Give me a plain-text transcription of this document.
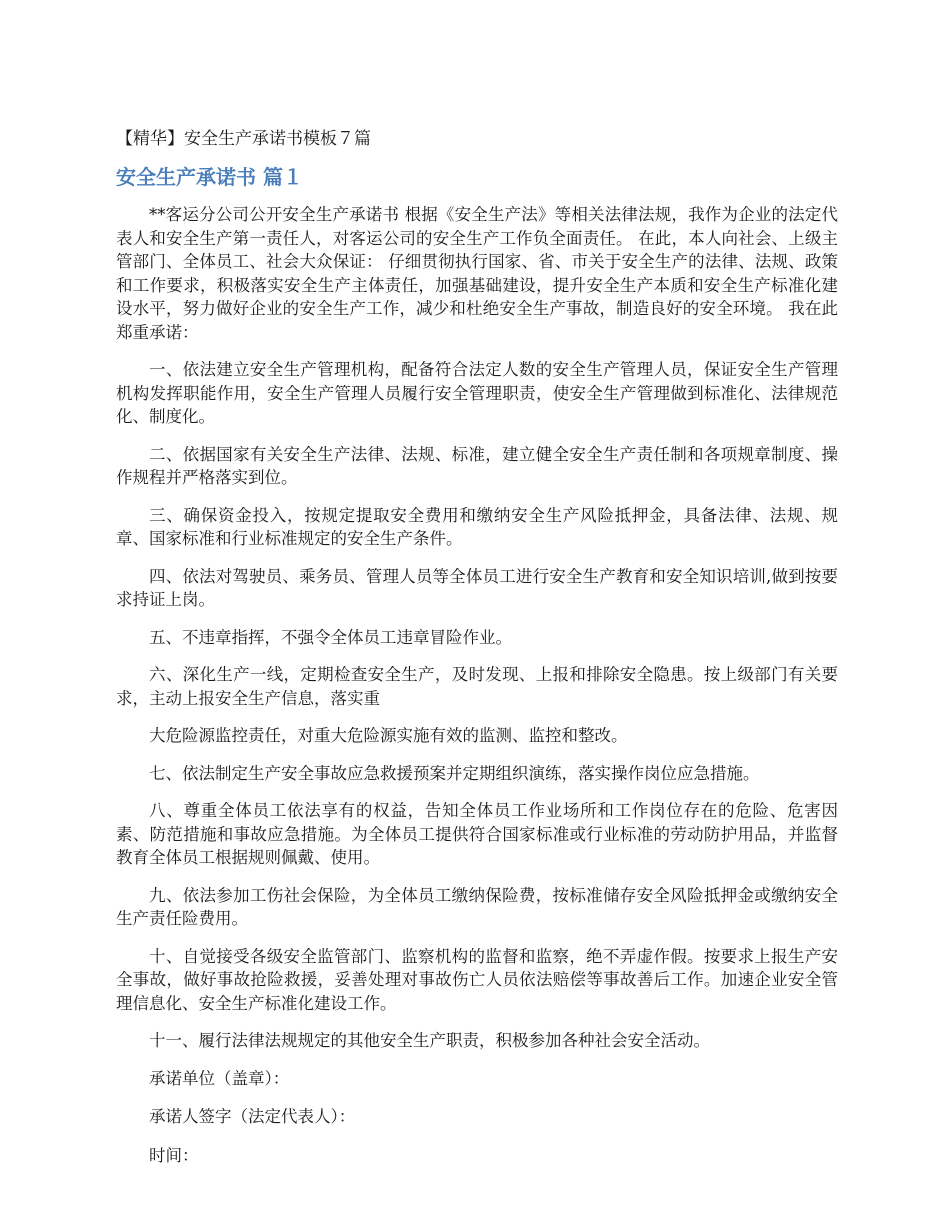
【精华】安全生产承诺书模板７篇
安全生产承诺书 篇１

**客运分公司公开安全生产承诺书 根据《安全生产法》等相关法律法规，我作为企业的法定代表人和安全生产第一责任人，对客运公司的安全生产工作负全面责任。 在此，本人向社会、上级主管部门、全体员工、社会大众保证： 仔细贯彻执行国家、省、市关于安全生产的法律、法规、政策和工作要求，积极落实安全生产主体责任，加强基础建设，提升安全生产本质和安全生产标准化建设水平，努力做好企业的安全生产工作，减少和杜绝安全生产事故，制造良好的安全环境。 我在此郑重承诺：

一、依法建立安全生产管理机构，配备符合法定人数的安全生产管理人员，保证安全生产管理机构发挥职能作用，安全生产管理人员履行安全管理职责，使安全生产管理做到标准化、法律规范化、制度化。

二、依据国家有关安全生产法律、法规、标准，建立健全安全生产责任制和各项规章制度、操作规程并严格落实到位。

三、确保资金投入，按规定提取安全费用和缴纳安全生产风险抵押金，具备法律、法规、规章、国家标准和行业标准规定的安全生产条件。

四、依法对驾驶员、乘务员、管理人员等全体员工进行安全生产教育和安全知识培训,做到按要求持证上岗。

五、不违章指挥，不强令全体员工违章冒险作业。

六、深化生产一线，定期检查安全生产，及时发现、上报和排除安全隐患。按上级部门有关要求，主动上报安全生产信息，落实重

大危险源监控责任，对重大危险源实施有效的监测、监控和整改。

七、依法制定生产安全事故应急救援预案并定期组织演练，落实操作岗位应急措施。

八、尊重全体员工依法享有的权益，告知全体员工作业场所和工作岗位存在的危险、危害因素、防范措施和事故应急措施。为全体员工提供符合国家标准或行业标准的劳动防护用品，并监督教育全体员工根据规则佩戴、使用。

九、依法参加工伤社会保险，为全体员工缴纳保险费，按标准储存安全风险抵押金或缴纳安全生产责任险费用。

十、自觉接受各级安全监管部门、监察机构的监督和监察，绝不弄虚作假。按要求上报生产安全事故，做好事故抢险救援，妥善处理对事故伤亡人员依法赔偿等事故善后工作。加速企业安全管理信息化、安全生产标准化建设工作。

十一、履行法律法规规定的其他安全生产职责，积极参加各种社会安全活动。

承诺单位（盖章）：

承诺人签字（法定代表人）：

时间：
